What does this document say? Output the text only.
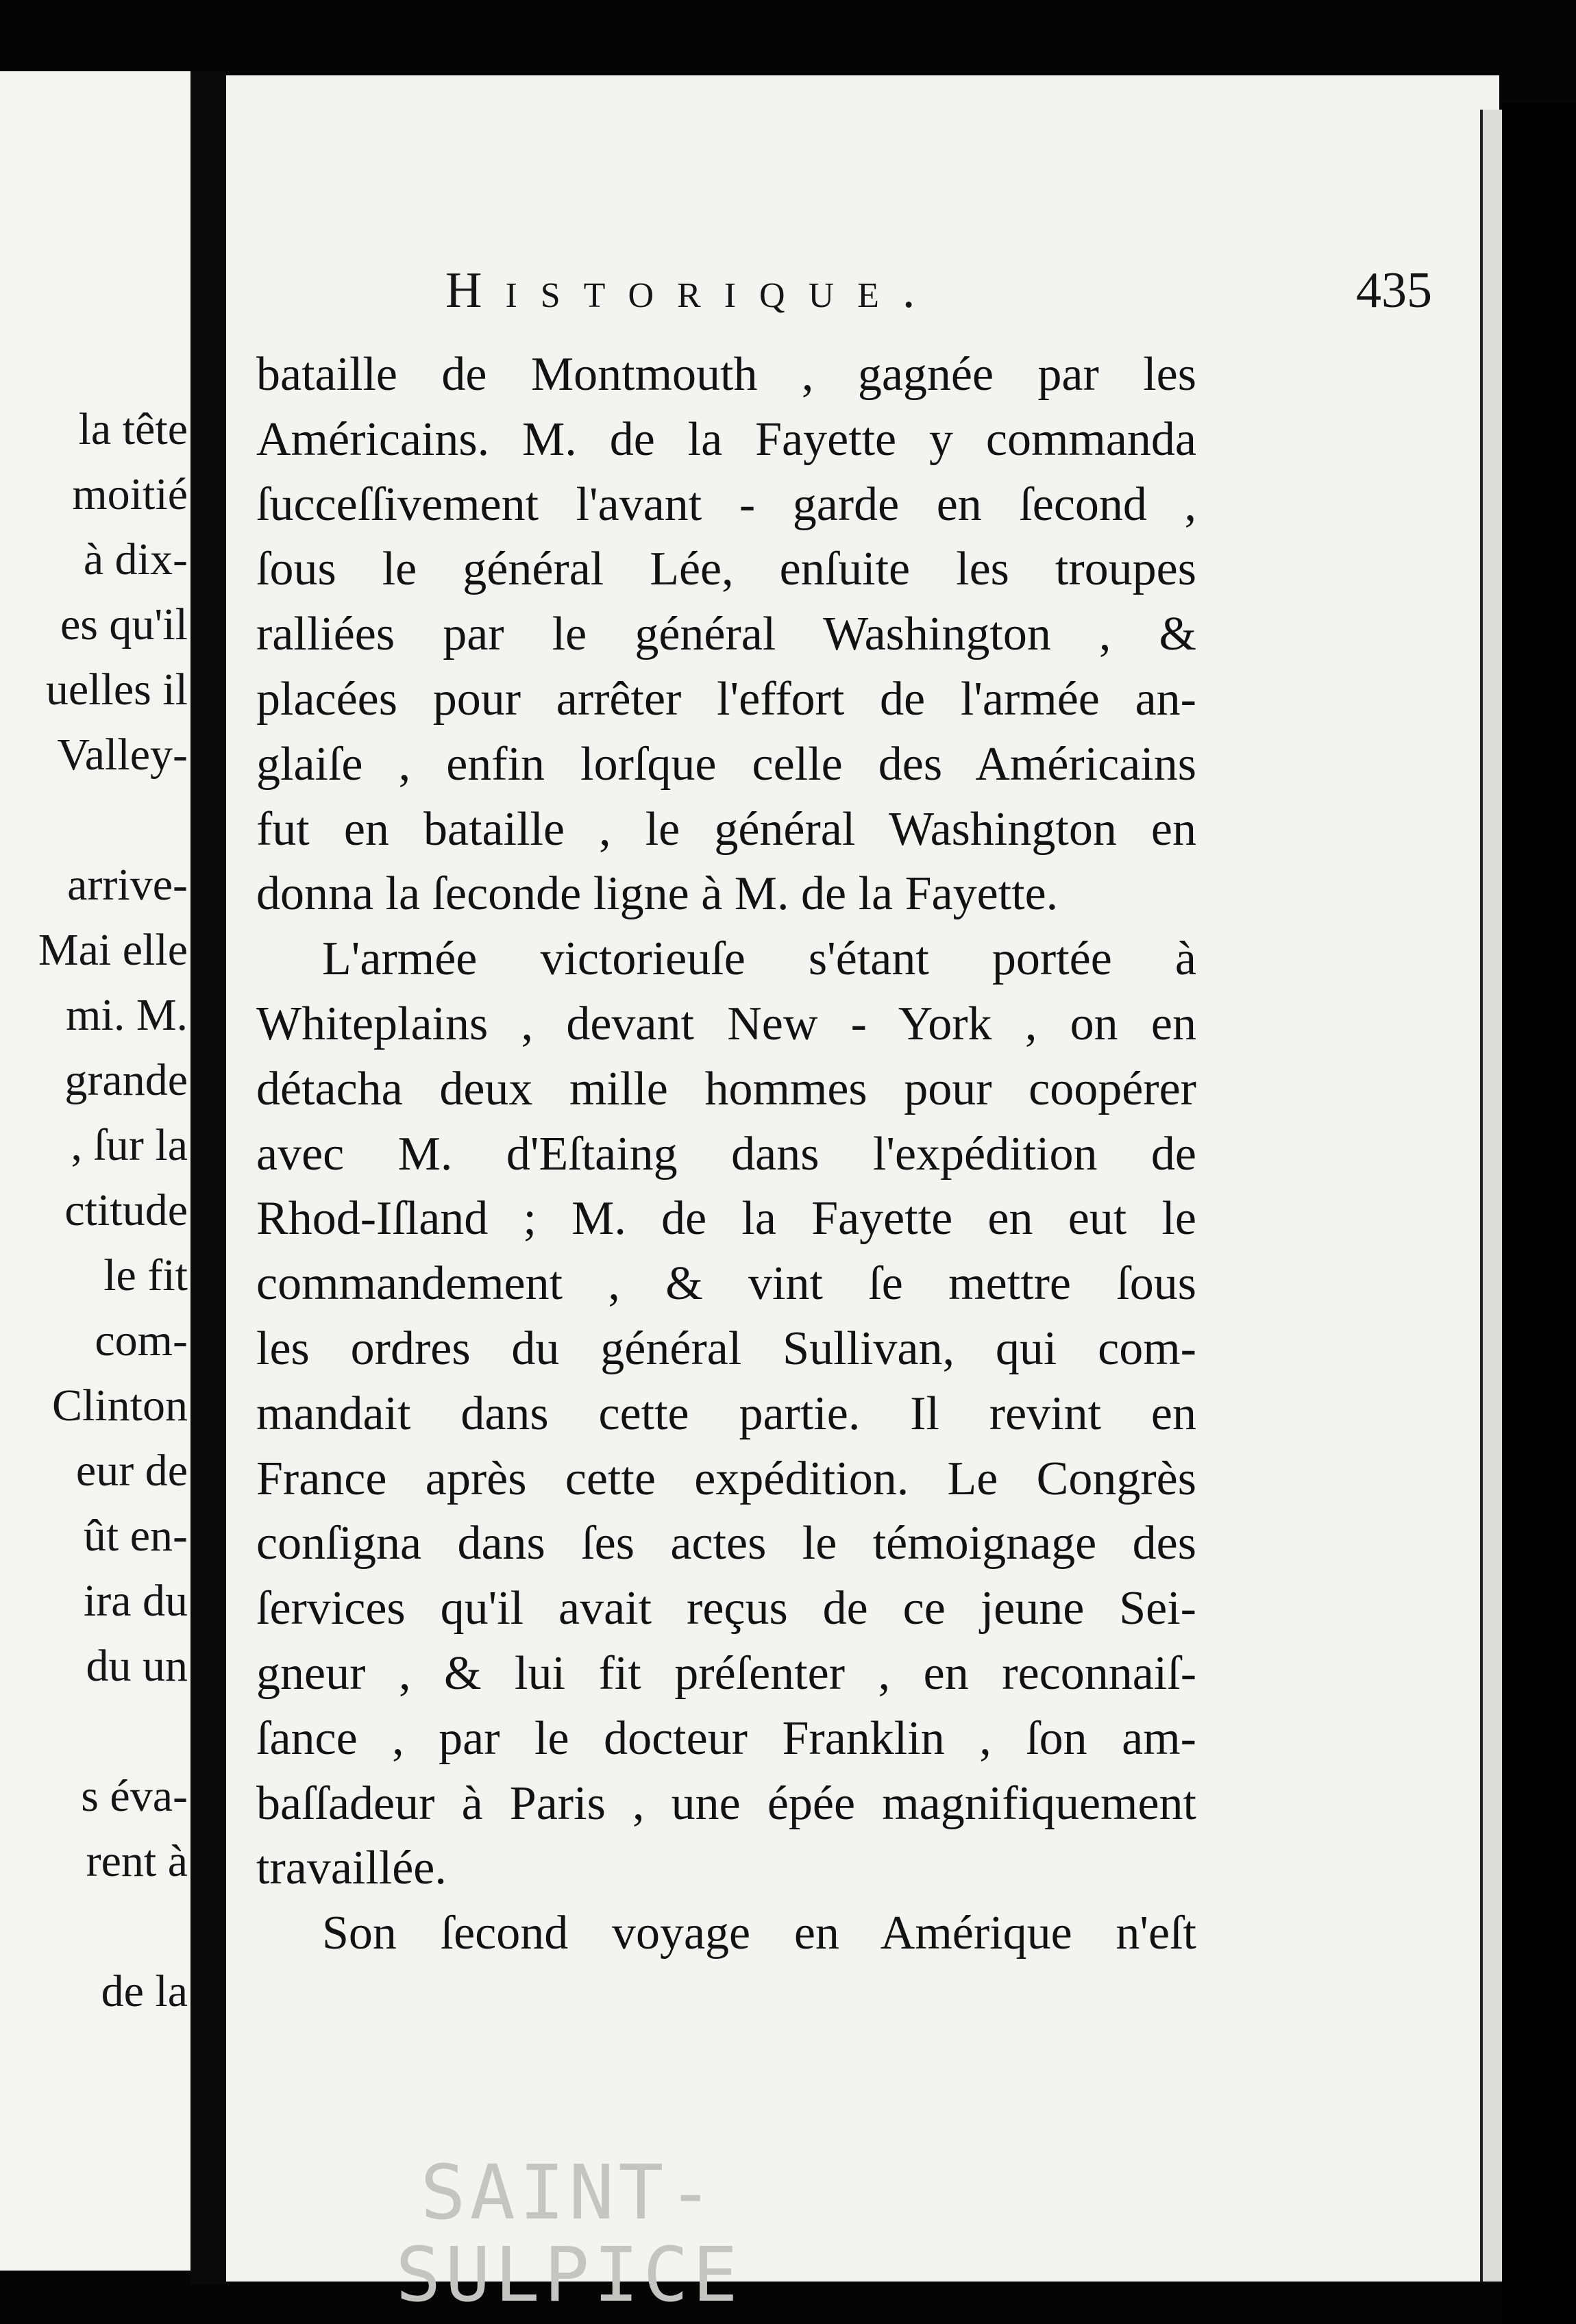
la tête
moitié
à dix-
es qu'il
uelles il
Valley-
arrive-
Mai elle
mi. M.
grande
, ſur la
ctitude
le fit
com-
Clinton
eur de
ût en-
ira du
du un
s éva-
rent à
de la
Historique.	435
bataille de Montmouth , gagnée par les
Américains. M. de la Fayette y commanda
ſucceſſivement l'avant - garde en ſecond ,
ſous le général Lée, enſuite les troupes
ralliées par le général Washington , &
placées pour arrêter l'effort de l'armée an-
glaiſe , enfin lorſque celle des Américains
fut en bataille , le général Washington en
donna la ſeconde ligne à M. de la Fayette.
L'armée victorieuſe s'étant portée à
Whiteplains , devant New - York , on en
détacha deux mille hommes pour coopérer
avec M. d'Eſtaing dans l'expédition de
Rhod-Iſland ; M. de la Fayette en eut le
commandement , & vint ſe mettre ſous
les ordres du général Sullivan, qui com-
mandait dans cette partie. Il revint en
France après cette expédition. Le Congrès
conſigna dans ſes actes le témoignage des
ſervices qu'il avait reçus de ce jeune Sei-
gneur , & lui fit préſenter , en reconnaiſ-
ſance , par le docteur Franklin , ſon am-
baſſadeur à Paris , une épée magnifiquement
travaillée.
Son ſecond voyage en Amérique n'eſt
SAINT-SULPICE
